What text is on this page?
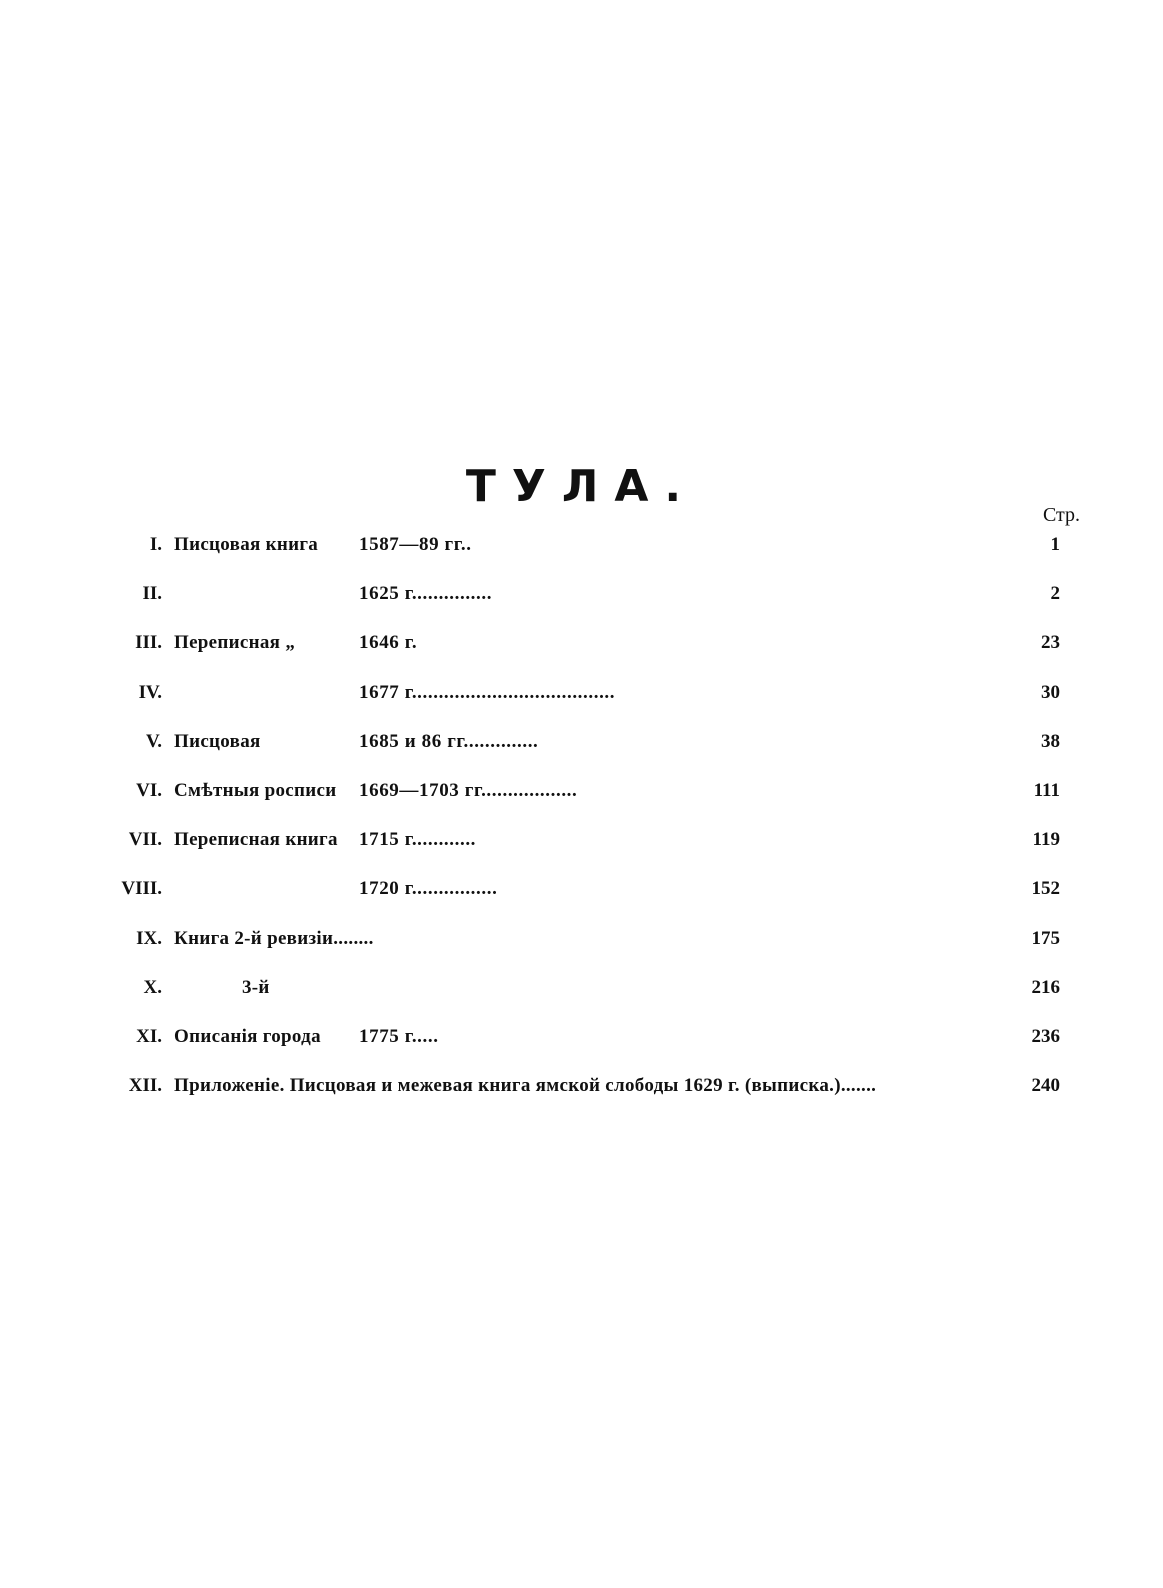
ТУЛА.
Стр.
I. Писцовая книга 1587—89 гг..	1
II.	1625 г...............	2
III. Переписная „	1646 г.	23
IV.	1677 г......................................	30
V. Писцовая	1685 и 86 гг..............	38
VI. Смѣтныя росписи 1669—1703 гг..................	111
VII. Переписная книга 1715 г............	119
VIII.	1720 г................	152
IX. Книга 2-й ревизіи........	175
X.	3-й	216
XI. Описанія города 1775 г.....	236
XII. Приложеніе. Писцовая и межевая книга ямской слободы 1629 г. (выписка.).......	240
